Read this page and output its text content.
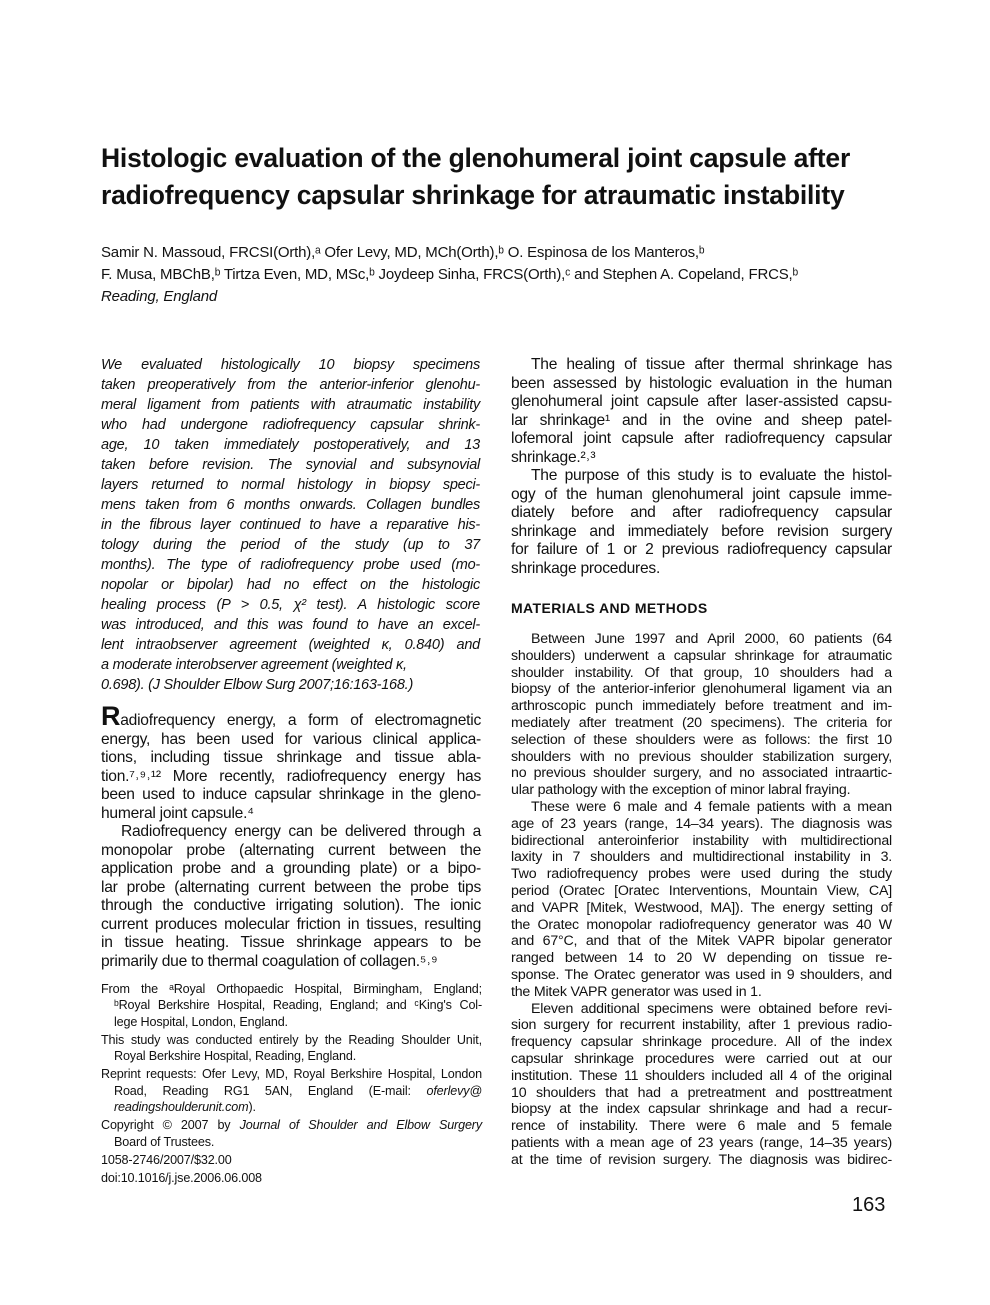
Histologic evaluation of the glenohumeral joint capsule after
radiofrequency capsular shrinkage for atraumatic instability
Samir N. Massoud, FRCSI(Orth),ᵃ Ofer Levy, MD, MCh(Orth),ᵇ O. Espinosa de los Manteros,ᵇ
F. Musa, MBChB,ᵇ Tirtza Even, MD, MSc,ᵇ Joydeep Sinha, FRCS(Orth),ᶜ and Stephen A. Copeland, FRCS,ᵇ
Reading, England
We evaluated histologically 10 biopsy specimens
taken preoperatively from the anterior-inferior glenohu-
meral ligament from patients with atraumatic instability
who had undergone radiofrequency capsular shrink-
age, 10 taken immediately postoperatively, and 13
taken before revision. The synovial and subsynovial
layers returned to normal histology in biopsy speci-
mens taken from 6 months onwards. Collagen bundles
in the fibrous layer continued to have a reparative his-
tology during the period of the study (up to 37
months). The type of radiofrequency probe used (mo-
nopolar or bipolar) had no effect on the histologic
healing process (P > 0.5, χ² test). A histologic score
was introduced, and this was found to have an excel-
lent intraobserver agreement (weighted κ, 0.840) and
a moderate interobserver agreement (weighted κ,
0.698). (J Shoulder Elbow Surg 2007;16:163-168.)
Radiofrequency energy, a form of electromagnetic
energy, has been used for various clinical applica-
tions, including tissue shrinkage and tissue abla-
tion.⁷˒⁹˒¹² More recently, radiofrequency energy has
been used to induce capsular shrinkage in the gleno-
humeral joint capsule.⁴
Radiofrequency energy can be delivered through a
monopolar probe (alternating current between the
application probe and a grounding plate) or a bipo-
lar probe (alternating current between the probe tips
through the conductive irrigating solution). The ionic
current produces molecular friction in tissues, resulting
in tissue heating. Tissue shrinkage appears to be
primarily due to thermal coagulation of collagen.⁵˒⁹
From the ᵃRoyal Orthopaedic Hospital, Birmingham, England;
ᵇRoyal Berkshire Hospital, Reading, England; and ᶜKing's Col-
lege Hospital, London, England.
This study was conducted entirely by the Reading Shoulder Unit,
Royal Berkshire Hospital, Reading, England.
Reprint requests: Ofer Levy, MD, Royal Berkshire Hospital, London
Road, Reading RG1 5AN, England (E-mail: oferlevy@
readingshoulderunit.com).
Copyright © 2007 by Journal of Shoulder and Elbow Surgery
Board of Trustees.
1058-2746/2007/$32.00
doi:10.1016/j.jse.2006.06.008
The healing of tissue after thermal shrinkage has
been assessed by histologic evaluation in the human
glenohumeral joint capsule after laser-assisted capsu-
lar shrinkage¹ and in the ovine and sheep patel-
lofemoral joint capsule after radiofrequency capsular
shrinkage.²˒³
The purpose of this study is to evaluate the histol-
ogy of the human glenohumeral joint capsule imme-
diately before and after radiofrequency capsular
shrinkage and immediately before revision surgery
for failure of 1 or 2 previous radiofrequency capsular
shrinkage procedures.
MATERIALS AND METHODS
Between June 1997 and April 2000, 60 patients (64
shoulders) underwent a capsular shrinkage for atraumatic
shoulder instability. Of that group, 10 shoulders had a
biopsy of the anterior-inferior glenohumeral ligament via an
arthroscopic punch immediately before treatment and im-
mediately after treatment (20 specimens). The criteria for
selection of these shoulders were as follows: the first 10
shoulders with no previous shoulder stabilization surgery,
no previous shoulder surgery, and no associated intraartic-
ular pathology with the exception of minor labral fraying.
These were 6 male and 4 female patients with a mean
age of 23 years (range, 14–34 years). The diagnosis was
bidirectional anteroinferior instability with multidirectional
laxity in 7 shoulders and multidirectional instability in 3.
Two radiofrequency probes were used during the study
period (Oratec [Oratec Interventions, Mountain View, CA]
and VAPR [Mitek, Westwood, MA]). The energy setting of
the Oratec monopolar radiofrequency generator was 40 W
and 67°C, and that of the Mitek VAPR bipolar generator
ranged between 14 to 20 W depending on tissue re-
sponse. The Oratec generator was used in 9 shoulders, and
the Mitek VAPR generator was used in 1.
Eleven additional specimens were obtained before revi-
sion surgery for recurrent instability, after 1 previous radio-
frequency capsular shrinkage procedure. All of the index
capsular shrinkage procedures were carried out at our
institution. These 11 shoulders included all 4 of the original
10 shoulders that had a pretreatment and posttreatment
biopsy at the index capsular shrinkage and had a recur-
rence of instability. There were 6 male and 5 female
patients with a mean age of 23 years (range, 14–35 years)
at the time of revision surgery. The diagnosis was bidirec-

163
